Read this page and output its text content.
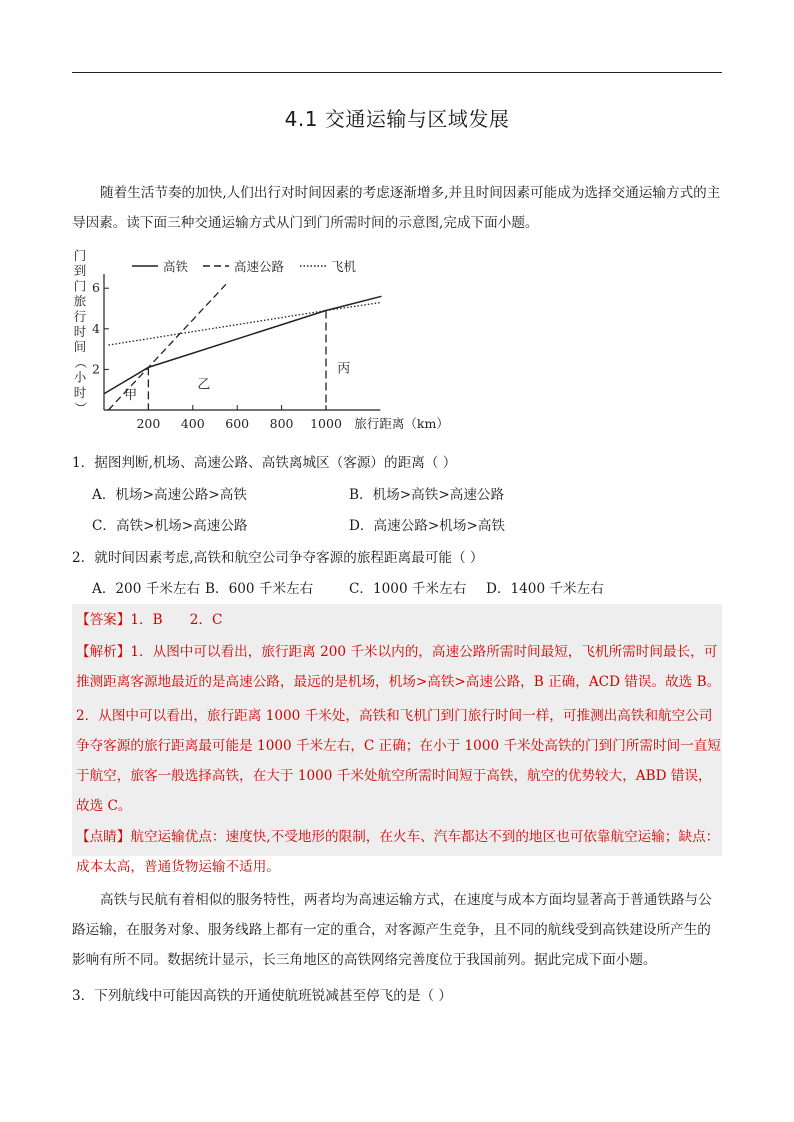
4.1 交通运输与区域发展
随着生活节奏的加快,人们出行对时间因素的考虑逐渐增多,并且时间因素可能成为选择交通运输方式的主导因素。读下面三种交通运输方式从门到门所需时间的示意图,完成下面小题。
门
到
门
旅
行
时
间
（
小
时
）
高铁	高速公路	飞机
2
4
6
200 400 600 800 1000 旅行距离（km）
甲
乙
丙
1．据图判断,机场、高速公路、高铁离城区（客源）的距离（ ）
A．机场>高速公路>高铁	B．机场>高铁>高速公路
C．高铁>机场>高速公路	D．高速公路>机场>高铁
2．就时间因素考虑,高铁和航空公司争夺客源的旅程距离最可能（ ）
A．200 千米左右 B．600 千米左右	C．1000 千米左右 D．1400 千米左右
【答案】1．B　　2．C
【解析】1．从图中可以看出，旅行距离 200 千米以内的，高速公路所需时间最短，飞机所需时间最长，可推测距离客源地最近的是高速公路，最远的是机场，机场>高铁>高速公路，B 正确，ACD 错误。故选 B。
2．从图中可以看出，旅行距离 1000 千米处，高铁和飞机门到门旅行时间一样，可推测出高铁和航空公司争夺客源的旅行距离最可能是 1000 千米左右，C 正确；在小于 1000 千米处高铁的门到门所需时间一直短于航空，旅客一般选择高铁，在大于 1000 千米处航空所需时间短于高铁，航空的优势较大，ABD 错误，故选 C。
【点睛】航空运输优点：速度快,不受地形的限制，在火车、汽车都达不到的地区也可依靠航空运输；缺点：成本太高，普通货物运输不适用。
高铁与民航有着相似的服务特性，两者均为高速运输方式，在速度与成本方面均显著高于普通铁路与公路运输，在服务对象、服务线路上都有一定的重合，对客源产生竞争，且不同的航线受到高铁建设所产生的影响有所不同。数据统计显示，长三角地区的高铁网络完善度位于我国前列。据此完成下面小题。
3．下列航线中可能因高铁的开通使航班锐减甚至停飞的是（ ）
